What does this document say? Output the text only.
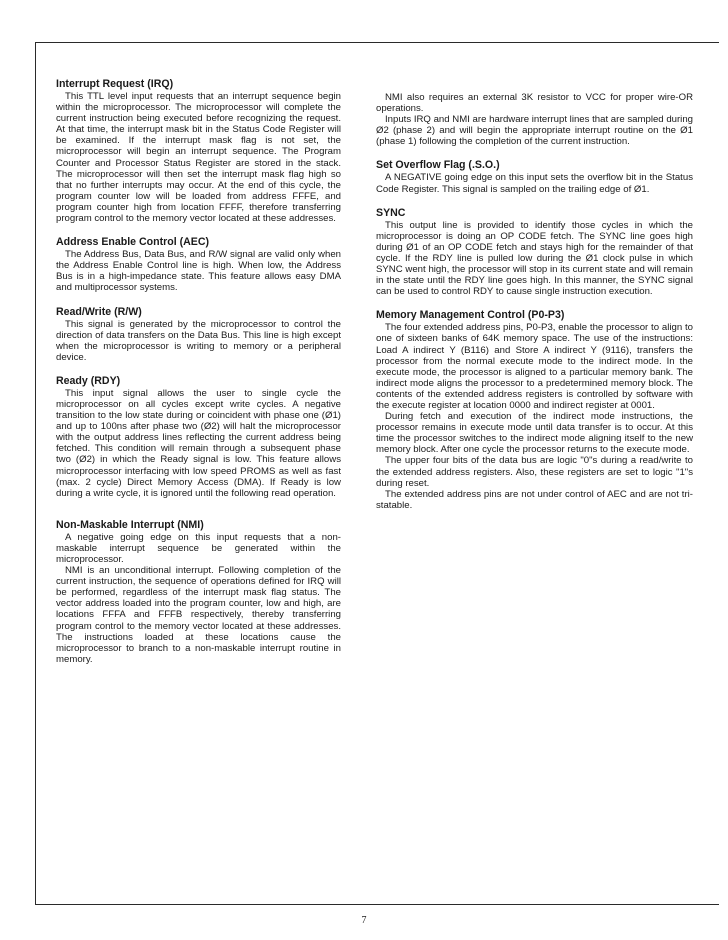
Interrupt Request (IRQ)

This TTL level input requests that an interrupt sequence begin within the microprocessor. The microprocessor will complete the current instruction being executed before recognizing the request. At that time, the interrupt mask bit in the Status Code Register will be examined. If the interrupt mask flag is not set, the microprocessor will begin an interrupt sequence. The Program Counter and Processor Status Register are stored in the stack. The microprocessor will then set the interrupt mask flag high so that no further interrupts may occur. At the end of this cycle, the program counter low will be loaded from address FFFE, and program counter high from location FFFF, therefore transferring program control to the memory vector located at these addresses.

Address Enable Control (AEC)

The Address Bus, Data Bus, and R/W signal are valid only when the Address Enable Control line is high. When low, the Address Bus is in a high-impedance state. This feature allows easy DMA and multiprocessor systems.

Read/Write (R/W)

This signal is generated by the microprocessor to control the direction of data transfers on the Data Bus. This line is high except when the microprocessor is writing to memory or a peripheral device.

Ready (RDY)

This input signal allows the user to single cycle the microprocessor on all cycles except write cycles. A negative transition to the low state during or coincident with phase one (Ø1) and up to 100ns after phase two (Ø2) will halt the microprocessor with the output address lines reflecting the current address being fetched. This condition will remain through a subsequent phase two (Ø2) in which the Ready signal is low. This feature allows microprocessor interfacing with low speed PROMS as well as fast (max. 2 cycle) Direct Memory Access (DMA). If Ready is low during a write cycle, it is ignored until the following read operation.

Non-Maskable Interrupt (NMI)

A negative going edge on this input requests that a non-maskable interrupt sequence be generated within the microprocessor.

NMI is an unconditional interrupt. Following completion of the current instruction, the sequence of operations defined for IRQ will be performed, regardless of the interrupt mask flag status. The vector address loaded into the program counter, low and high, are locations FFFA and FFFB respectively, thereby transferring program control to the memory vector located at these addresses. The instructions loaded at these locations cause the microprocessor to branch to a non-maskable interrupt routine in memory.

NMI also requires an external 3K resistor to VCC for proper wire-OR operations.

Inputs IRQ and NMI are hardware interrupt lines that are sampled during Ø2 (phase 2) and will begin the appropriate interrupt routine on the Ø1 (phase 1) following the completion of the current instruction.

Set Overflow Flag (.S.O.)

A NEGATIVE going edge on this input sets the overflow bit in the Status Code Register. This signal is sampled on the trailing edge of Ø1.

SYNC

This output line is provided to identify those cycles in which the microprocessor is doing an OP CODE fetch. The SYNC line goes high during Ø1 of an OP CODE fetch and stays high for the remainder of that cycle. If the RDY line is pulled low during the Ø1 clock pulse in which SYNC went high, the processor will stop in its current state and will remain in the state until the RDY line goes high. In this manner, the SYNC signal can be used to control RDY to cause single instruction execution.

Memory Management Control (P0-P3)

The four extended address pins, P0-P3, enable the processor to align to one of sixteen banks of 64K memory space. The use of the instructions: Load A indirect Y (B116) and Store A indirect Y (9116), transfers the processor from the normal execute mode to the indirect mode. In the execute mode, the processor is aligned to a particular memory bank. The indirect mode aligns the processor to a predetermined memory block. The contents of the extended address registers is controlled by software with the execute register at location 0000 and indirect register at 0001.

During fetch and execution of the indirect mode instructions, the processor remains in execute mode until data transfer is to occur. At this time the processor switches to the indirect mode aligning itself to the new memory block. After one cycle the processor returns to the execute mode.

The upper four bits of the data bus are logic "0"s during a read/write to the extended address registers. Also, these registers are set to logic "1"s during reset.

The extended address pins are not under control of AEC and are not tri-statable.

7
